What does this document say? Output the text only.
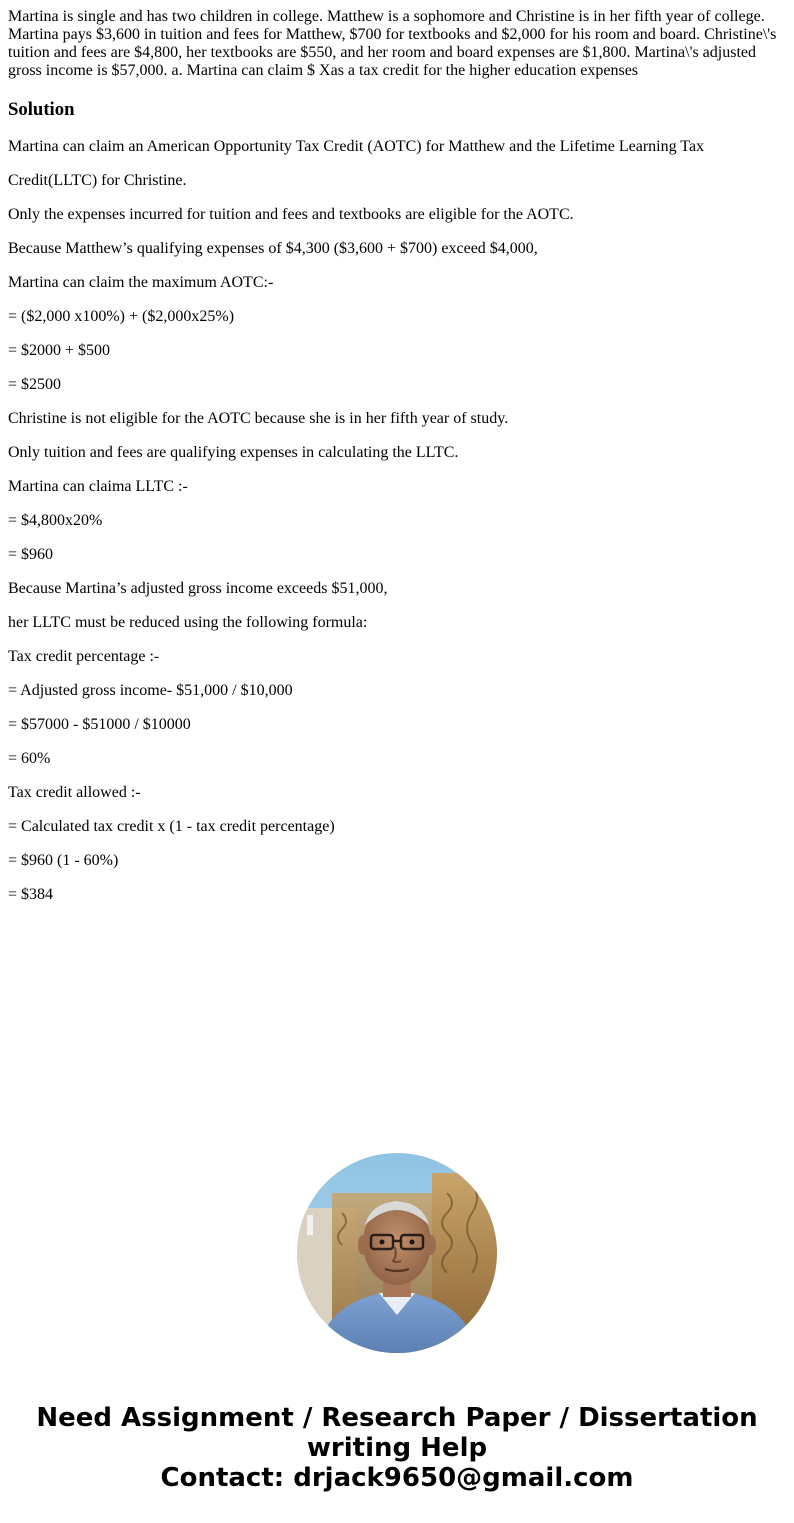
Martina is single and has two children in college. Matthew is a sophomore and Christine is in her fifth year of college. Martina pays $3,600 in tuition and fees for Matthew, $700 for textbooks and $2,000 for his room and board. Christine\'s tuition and fees are $4,800, her textbooks are $550, and her room and board expenses are $1,800. Martina\'s adjusted gross income is $57,000. a. Martina can claim $ Xas a tax credit for the higher education expenses

Solution

Martina can claim an American Opportunity Tax Credit (AOTC) for Matthew and the Lifetime Learning Tax

Credit(LLTC) for Christine.

Only the expenses incurred for tuition and fees and textbooks are eligible for the AOTC.

Because Matthew’s qualifying expenses of $4,300 ($3,600 + $700) exceed $4,000,

Martina can claim the maximum AOTC:-

= ($2,000 x100%) + ($2,000x25%)

= $2000 + $500

= $2500

Christine is not eligible for the AOTC because she is in her fifth year of study.

Only tuition and fees are qualifying expenses in calculating the LLTC.

Martina can claima LLTC :-

= $4,800x20%

= $960

Because Martina’s adjusted gross income exceeds $51,000,

her LLTC must be reduced using the following formula:

Tax credit percentage :-

= Adjusted gross income- $51,000 / $10,000

= $57000 - $51000 / $10000

= 60%

Tax credit allowed :-

= Calculated tax credit x (1 - tax credit percentage)

= $960 (1 - 60%)

= $384

Need Assignment / Research Paper / Dissertation
writing Help
Contact: drjack9650@gmail.com
